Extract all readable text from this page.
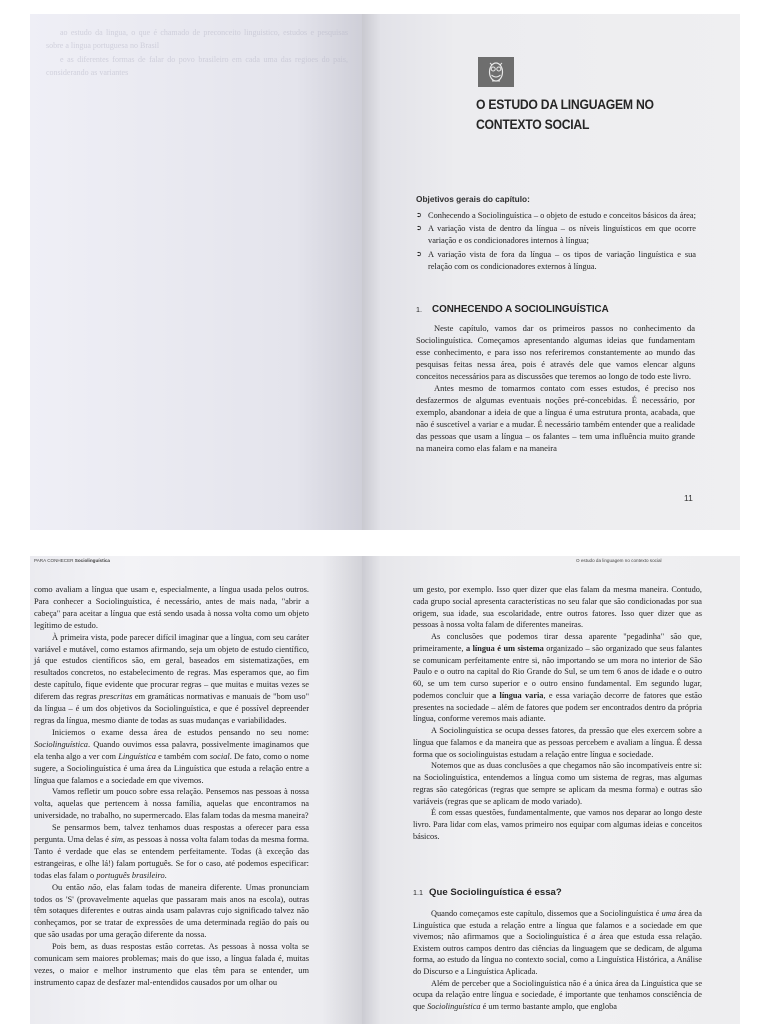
ao estudo da lingua, o que é chamado de preconceito linguistico, estudos e pesquisas sobre a lingua portuguesa no Brasil

e as diferentes formas de falar do povo brasileiro em cada uma das regioes do pais, considerando as variantes

O ESTUDO DA LINGUAGEM NO
CONTEXTO SOCIAL
Objetivos gerais do capítulo:
➲ Conhecendo a Sociolinguística – o objeto de estudo e conceitos básicos da área;
➲ A variação vista de dentro da língua – os níveis linguísticos em que ocorre variação e os condicionadores internos à língua;
➲ A variação vista de fora da língua – os tipos de variação linguística e sua relação com os condicionadores externos à língua.
1. CONHECENDO A SOCIOLINGUÍSTICA

Neste capítulo, vamos dar os primeiros passos no conhecimento da Sociolinguística. Começamos apresentando algumas ideias que fundamentam esse conhecimento, e para isso nos referiremos constantemente ao mundo das pesquisas feitas nessa área, pois é através dele que vamos elencar alguns conceitos necessários para as discussões que teremos ao longo de todo este livro.

Antes mesmo de tomarmos contato com esses estudos, é preciso nos desfazermos de algumas eventuais noções pré-concebidas. É necessário, por exemplo, abandonar a ideia de que a língua é uma estrutura pronta, acabada, que não é suscetível a variar e a mudar. É necessário também entender que a realidade das pessoas que usam a língua – os falantes – tem uma influência muito grande na maneira como elas falam e na maneira

11
PARA CONHECER Sociolinguística	O estudo da linguagem no contexto social

como avaliam a língua que usam e, especialmente, a língua usada pelos outros. Para conhecer a Sociolinguística, é necessário, antes de mais nada, "abrir a cabeça" para aceitar a língua que está sendo usada à nossa volta como um objeto legítimo de estudo.

À primeira vista, pode parecer difícil imaginar que a língua, com seu caráter variável e mutável, como estamos afirmando, seja um objeto de estudo científico, já que estudos científicos são, em geral, baseados em sistematizações, em resultados concretos, no estabelecimento de regras. Mas esperamos que, ao fim deste capítulo, fique evidente que procurar regras – que muitas e muitas vezes se diferem das regras prescritas em gramáticas normativas e manuais de "bom uso" da língua – é um dos objetivos da Sociolinguística, e que é possível depreender regras da língua, mesmo diante de todas as suas mudanças e variabilidades.

Iniciemos o exame dessa área de estudos pensando no seu nome: Sociolinguística. Quando ouvimos essa palavra, possivelmente imaginamos que ela tenha algo a ver com Linguística e também com social. De fato, como o nome sugere, a Sociolinguística é uma área da Linguística que estuda a relação entre a língua que falamos e a sociedade em que vivemos.

Vamos refletir um pouco sobre essa relação. Pensemos nas pessoas à nossa volta, aquelas que pertencem à nossa família, aquelas que encontramos na universidade, no trabalho, no supermercado. Elas falam todas da mesma maneira?

Se pensarmos bem, talvez tenhamos duas respostas a oferecer para essa pergunta. Uma delas é sim, as pessoas à nossa volta falam todas da mesma forma. Tanto é verdade que elas se entendem perfeitamente. Todas (à exceção das estrangeiras, e olhe lá!) falam português. Se for o caso, até podemos especificar: todas elas falam o português brasileiro.

Ou então não, elas falam todas de maneira diferente. Umas pronunciam todos os 'S' (provavelmente aquelas que passaram mais anos na escola), outras têm sotaques diferentes e outras ainda usam palavras cujo significado talvez não conheçamos, por se tratar de expressões de uma determinada região do país ou que são usadas por uma geração diferente da nossa.

Pois bem, as duas respostas estão corretas. As pessoas à nossa volta se comunicam sem maiores problemas; mais do que isso, a língua falada é, muitas vezes, o maior e melhor instrumento que elas têm para se entender, um instrumento capaz de desfazer mal-entendidos causados por um olhar ou

um gesto, por exemplo. Isso quer dizer que elas falam da mesma maneira. Contudo, cada grupo social apresenta características no seu falar que são condicionadas por sua origem, sua idade, sua escolaridade, entre outros fatores. Isso quer dizer que as pessoas à nossa volta falam de diferentes maneiras.

As conclusões que podemos tirar dessa aparente "pegadinha" são que, primeiramente, a língua é um sistema organizado – são organizado que seus falantes se comunicam perfeitamente entre si, não importando se um mora no interior de São Paulo e o outro na capital do Rio Grande do Sul, se um tem 6 anos de idade e o outro 60, se um tem curso superior e o outro ensino fundamental. Em segundo lugar, podemos concluir que a língua varia, e essa variação decorre de fatores que estão presentes na sociedade – além de fatores que podem ser encontrados dentro da própria língua, conforme veremos mais adiante.

A Sociolinguística se ocupa desses fatores, da pressão que eles exercem sobre a língua que falamos e da maneira que as pessoas percebem e avaliam a língua. É dessa forma que os sociolinguistas estudam a relação entre língua e sociedade.

Notemos que as duas conclusões a que chegamos não são incompatíveis entre si: na Sociolinguística, entendemos a língua como um sistema de regras, mas algumas regras são categóricas (regras que sempre se aplicam da mesma forma) e outras são variáveis (regras que se aplicam de modo variado).

É com essas questões, fundamentalmente, que vamos nos deparar ao longo deste livro. Para lidar com elas, vamos primeiro nos equipar com algumas ideias e conceitos básicos.

1.1 Que Sociolinguística é essa?

Quando começamos este capítulo, dissemos que a Sociolinguística é uma área da Linguística que estuda a relação entre a língua que falamos e a sociedade em que vivemos; não afirmamos que a Sociolinguística é a área que estuda essa relação. Existem outros campos dentro das ciências da linguagem que se dedicam, de alguma forma, ao estudo da língua no contexto social, como a Linguística Histórica, a Análise do Discurso e a Linguística Aplicada.

Além de perceber que a Sociolinguística não é a única área da Linguística que se ocupa da relação entre língua e sociedade, é importante que tenhamos consciência de que Sociolinguística é um termo bastante amplo, que engloba
